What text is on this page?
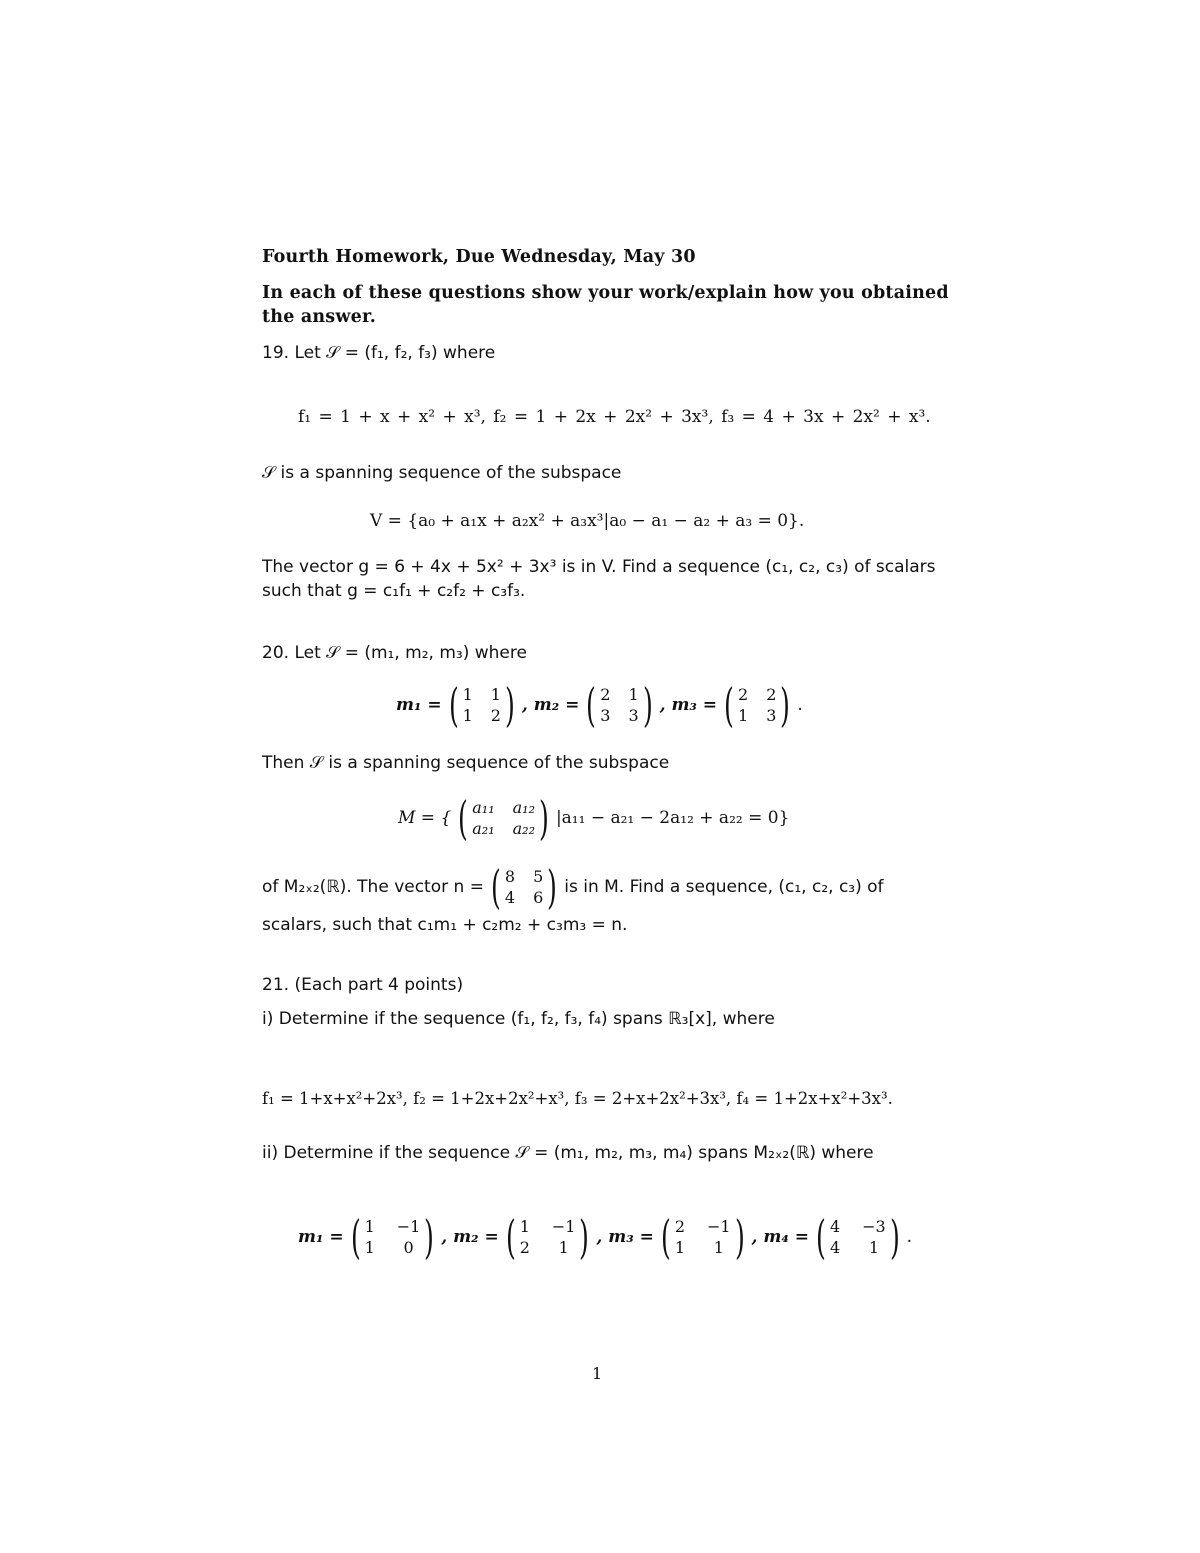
Fourth Homework, Due Wednesday, May 30
In each of these questions show your work/explain how you obtained
the answer.
19. Let 𝒮 = (f₁, f₂, f₃) where
f₁ = 1 + x + x² + x³, f₂ = 1 + 2x + 2x² + 3x³, f₃ = 4 + 3x + 2x² + x³.
𝒮 is a spanning sequence of the subspace
V = {a₀ + a₁x + a₂x² + a₃x³|a₀ − a₁ − a₂ + a₃ = 0}.
The vector g = 6 + 4x + 5x² + 3x³ is in V. Find a sequence (c₁, c₂, c₃) of scalars
such that g = c₁f₁ + c₂f₂ + c₃f₃.
20. Let 𝒮 = (m₁, m₂, m₃) where
m₁ = ( 1 1
1 2 ) , m₂ = ( 2 1
3 3 ) , m₃ = ( 2 2
1 3 ) .
Then 𝒮 is a spanning sequence of the subspace
M = { ( a₁₁ a₁₂
a₂₁ a₂₂ ) |a₁₁ − a₂₁ − 2a₁₂ + a₂₂ = 0}
of M₂ₓ₂(ℝ). The vector n = ( 8 5
4 6 ) is in M. Find a sequence, (c₁, c₂, c₃) of
scalars, such that c₁m₁ + c₂m₂ + c₃m₃ = n.
21. (Each part 4 points)
i) Determine if the sequence (f₁, f₂, f₃, f₄) spans ℝ₃[x], where
f₁ = 1+x+x²+2x³, f₂ = 1+2x+2x²+x³, f₃ = 2+x+2x²+3x³, f₄ = 1+2x+x²+3x³.
ii) Determine if the sequence 𝒮 = (m₁, m₂, m₃, m₄) spans M₂ₓ₂(ℝ) where
m₁ = ( 1 −1
1	0 ) , m₂ = ( 1 −1
2	1 ) , m₃ = ( 2 −1
1	1 ) , m₄ = ( 4 −3
4	1 ) .
1
